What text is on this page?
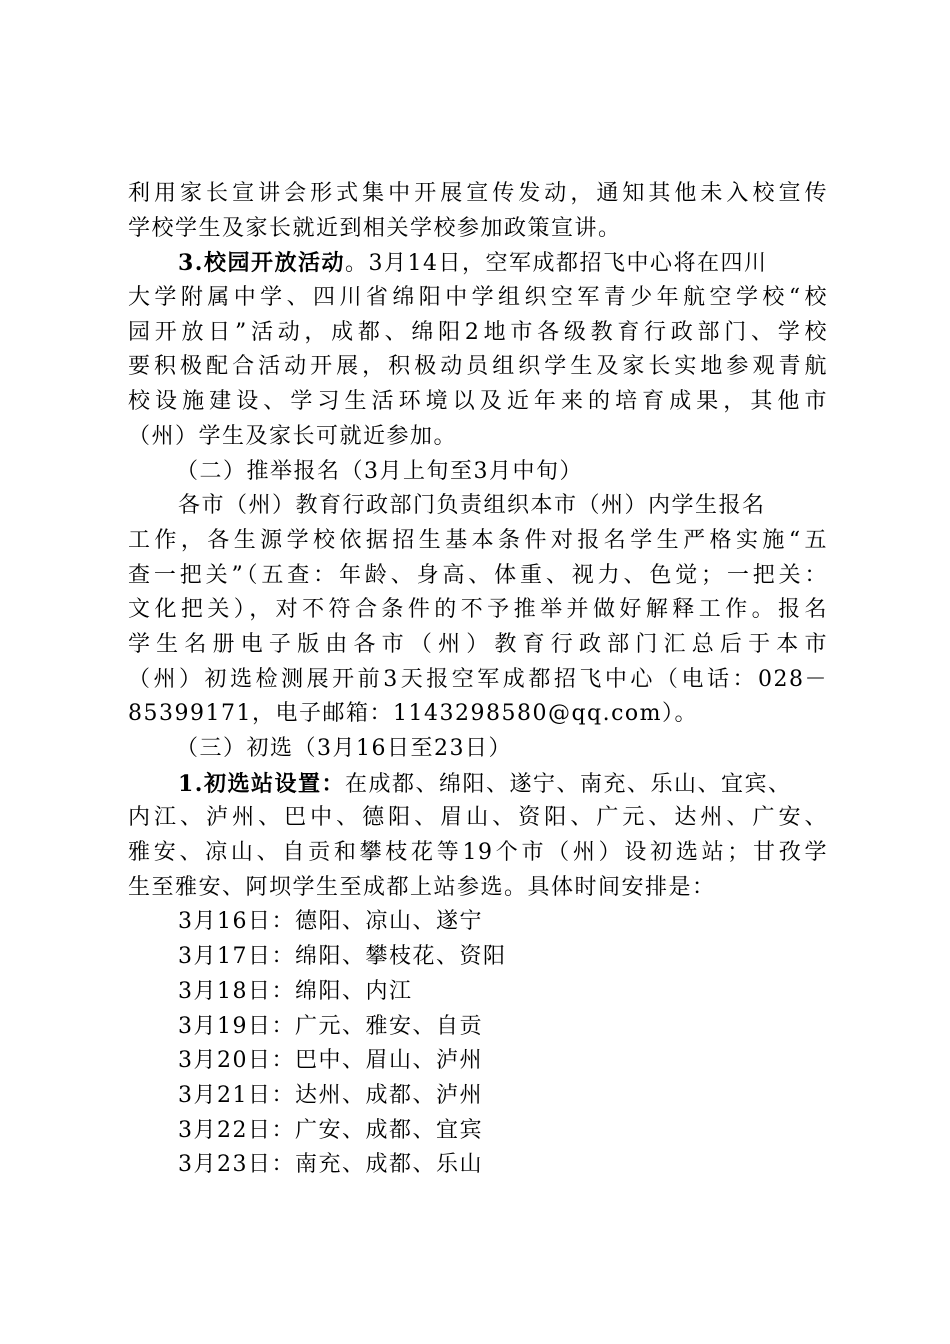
利用家长宣讲会形式集中开展宣传发动，通知其他未入校宣传
学校学生及家长就近到相关学校参加政策宣讲。
3.校园开放活动。3月14日，空军成都招飞中心将在四川
大学附属中学、四川省绵阳中学组织空军青少年航空学校“校
园开放日”活动，成都、绵阳2地市各级教育行政部门、学校
要积极配合活动开展，积极动员组织学生及家长实地参观青航
校设施建设、学习生活环境以及近年来的培育成果，其他市
（州）学生及家长可就近参加。
（二）推举报名（3月上旬至3月中旬）
各市（州）教育行政部门负责组织本市（州）内学生报名
工作，各生源学校依据招生基本条件对报名学生严格实施“五
查一把关”（五查：年龄、身高、体重、视力、色觉；一把关：
文化把关），对不符合条件的不予推举并做好解释工作。报名
学生名册电子版由各市（州）教育行政部门汇总后于本市
（州）初选检测展开前3天报空军成都招飞中心（电话：028－
85399171，电子邮箱：1143298580@qq.com）。
（三）初选（3月16日至23日）
1.初选站设置：在成都、绵阳、遂宁、南充、乐山、宜宾、
内江、泸州、巴中、德阳、眉山、资阳、广元、达州、广安、
雅安、凉山、自贡和攀枝花等19个市（州）设初选站；甘孜学
生至雅安、阿坝学生至成都上站参选。具体时间安排是：
3月16日：德阳、凉山、遂宁
3月17日：绵阳、攀枝花、资阳
3月18日：绵阳、内江
3月19日：广元、雅安、自贡
3月20日：巴中、眉山、泸州
3月21日：达州、成都、泸州
3月22日：广安、成都、宜宾
3月23日：南充、成都、乐山
